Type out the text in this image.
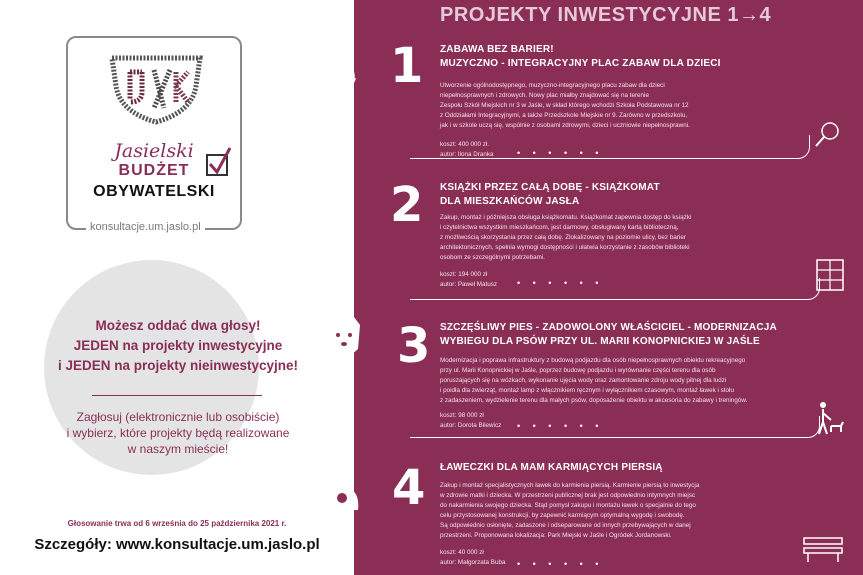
Jasielski
BUDŻET
OBYWATELSKI
konsultacje.um.jaslo.pl
Możesz oddać dwa głosy!
JEDEN na projekty inwestycyjne
i JEDEN na projekty nieinwestycyjne!
Zagłosuj (elektronicznie lub osobiście)
i wybierz, które projekty będą realizowane
w naszym mieście!
Głosowanie trwa od 6 września do 25 października 2021 r.
Szczegóły: www.konsultacje.um.jaslo.pl
PROJEKTY INWESTYCYJNE 1→4
1 ZABAWA BEZ BARIER!
MUZYCZNO - INTEGRACYJNY PLAC ZABAW DLA DZIECI
Utworzenie ogólnodostępnego, muzyczno-integracyjnego placu zabaw dla dzieci
niepełnosprawnych i zdrowych. Nowy plac miałby znajdować się na terenie
Zespołu Szkół Miejskich nr 3 w Jaśle, w skład którego wchodzi Szkoła Podstawowa nr 12
z Oddziałami Integracyjnymi, a także Przedszkole Miejskie nr 9. Zarówno w przedszkolu,
jak i w szkole uczą się, wspólnie z osobami zdrowymi, dzieci i uczniowie niepełnosprawni.
koszt: 400 000 zł.
autor: Ilona Dranka	• • • • • •
2 KSIĄŻKI PRZEZ CAŁĄ DOBĘ - KSIĄŻKOMAT
DLA MIESZKAŃCÓW JASŁA
Zakup, montaż i późniejsza obsługa książkomatu. Książkomat zapewnia dostęp do książki
i czytelnictwa wszystkim mieszkańcom, jest darmowy, obsługiwany kartą biblioteczną,
z możliwością skorzystania przez całą dobę. Zlokalizowany na poziomie ulicy, bez barier
architektonicznych, spełnia wymogi dostępności i ułatwia korzystanie z zasobów biblioteki
osobom ze szczególnymi potrzebami.
koszt: 194 000 zł
autor: Paweł Matusz • • • • • •
3 SZCZĘŚLIWY PIES - ZADOWOLONY WŁAŚCICIEL - MODERNIZACJA
WYBIEGU DLA PSÓW PRZY UL. MARII KONOPNICKIEJ W JAŚLE
Modernizacja i poprawa infrastruktury z budową podjazdu dla osób niepełnosprawnych obiektu rekreacyjnego
przy ul. Marii Konopnickiej w Jaśle, poprzez budowę podjazdu i wyrównanie części terenu dla osób
poruszających się na wózkach, wykonanie ujęcia wody oraz zamontowanie zdroju wody pitnej dla ludzi
i poidła dla zwierząt, montaż lamp z włącznikiem ręcznym i wyłącznikiem czasowym, montaż ławek i stołu
z zadaszeniem, wydzielenie terenu dla małych psów, doposażenie obiektu w akcesoria do zabawy i treningów.
koszt: 98 000 zł
autor: Dorota Bilewicz • • • • • •
4 ŁAWECZKI DLA MAM KARMIĄCYCH PIERSIĄ
Zakup i montaż specjalistycznych ławek do karmienia piersią. Karmienie piersią to inwestycja
w zdrowie matki i dziecka. W przestrzeni publicznej brak jest odpowiednio intymnych miejsc
do nakarmienia swojego dziecka. Stąd pomysł zakupu i montażu ławek o specjalnie do tego
celu przystosowanej konstrukcji, by zapewnić karmiącym optymalną wygodę i swobodę.
Są odpowiednio osłonięte, zadaszone i odseparowane od innych przebywających w danej
przestrzeni. Proponowana lokalizacja: Park Miejski w Jaśle i Ogródek Jordanowski.
koszt: 40 000 zł
autor: Małgorzata Buba • • • • • •
